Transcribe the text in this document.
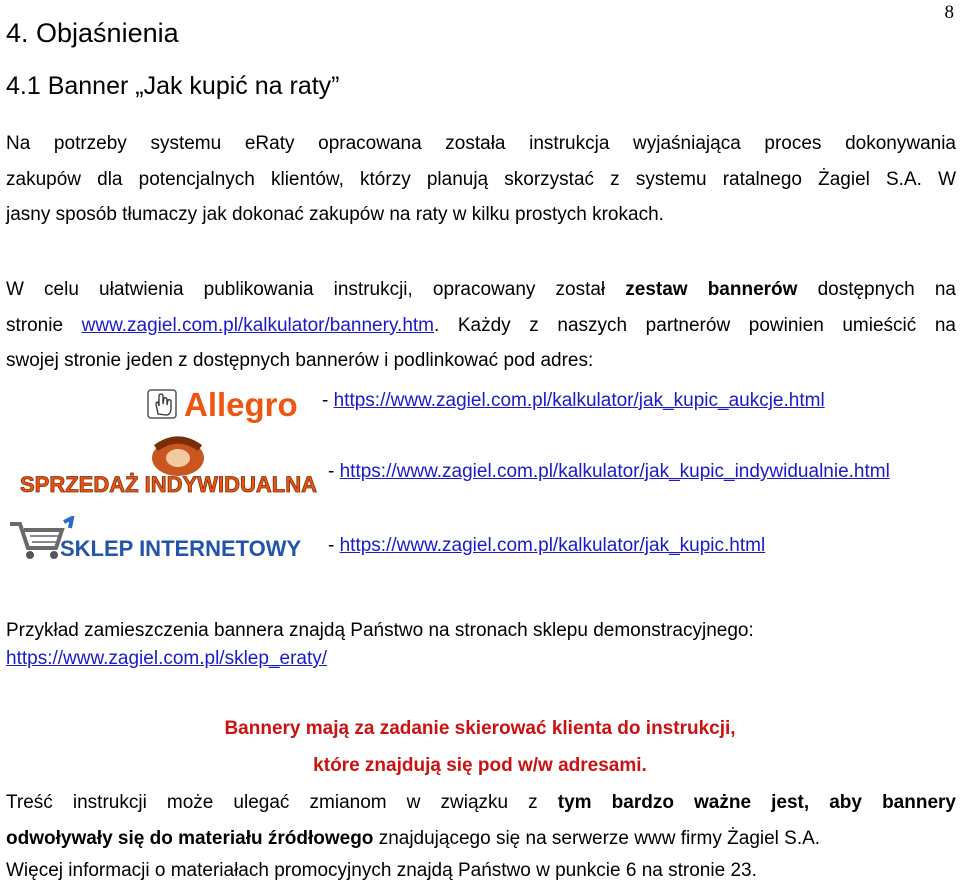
8
4. Objaśnienia
4.1 Banner „Jak kupić na raty”
Na potrzeby systemu eRaty opracowana została instrukcja wyjaśniająca proces dokonywania
zakupów dla potencjalnych klientów, którzy planują skorzystać z systemu ratalnego Żagiel S.A. W
jasny sposób tłumaczy jak dokonać zakupów na raty w kilku prostych krokach.
W celu ułatwienia publikowania instrukcji, opracowany został zestaw bannerów dostępnych na
stronie www.zagiel.com.pl/kalkulator/bannery.htm. Każdy z naszych partnerów powinien umieścić na
swojej stronie jeden z dostępnych bannerów i podlinkować pod adres:
Allegro - https://www.zagiel.com.pl/kalkulator/jak_kupic_aukcje.html
SPRZEDAŻ INDYWIDUALNA
- https://www.zagiel.com.pl/kalkulator/jak_kupic_indywidualnie.html
SKLEP INTERNETOWY - https://www.zagiel.com.pl/kalkulator/jak_kupic.html
Przykład zamieszczenia bannera znajdą Państwo na stronach sklepu demonstracyjnego:
https://www.zagiel.com.pl/sklep_eraty/
Bannery mają za zadanie skierować klienta do instrukcji,
które znajdują się pod w/w adresami.
Treść instrukcji może ulegać zmianom w związku z tym bardzo ważne jest, aby bannery
odwoływały się do materiału źródłowego znajdującego się na serwerze www firmy Żagiel S.A.
Więcej informacji o materiałach promocyjnych znajdą Państwo w punkcie 6 na stronie 23.
